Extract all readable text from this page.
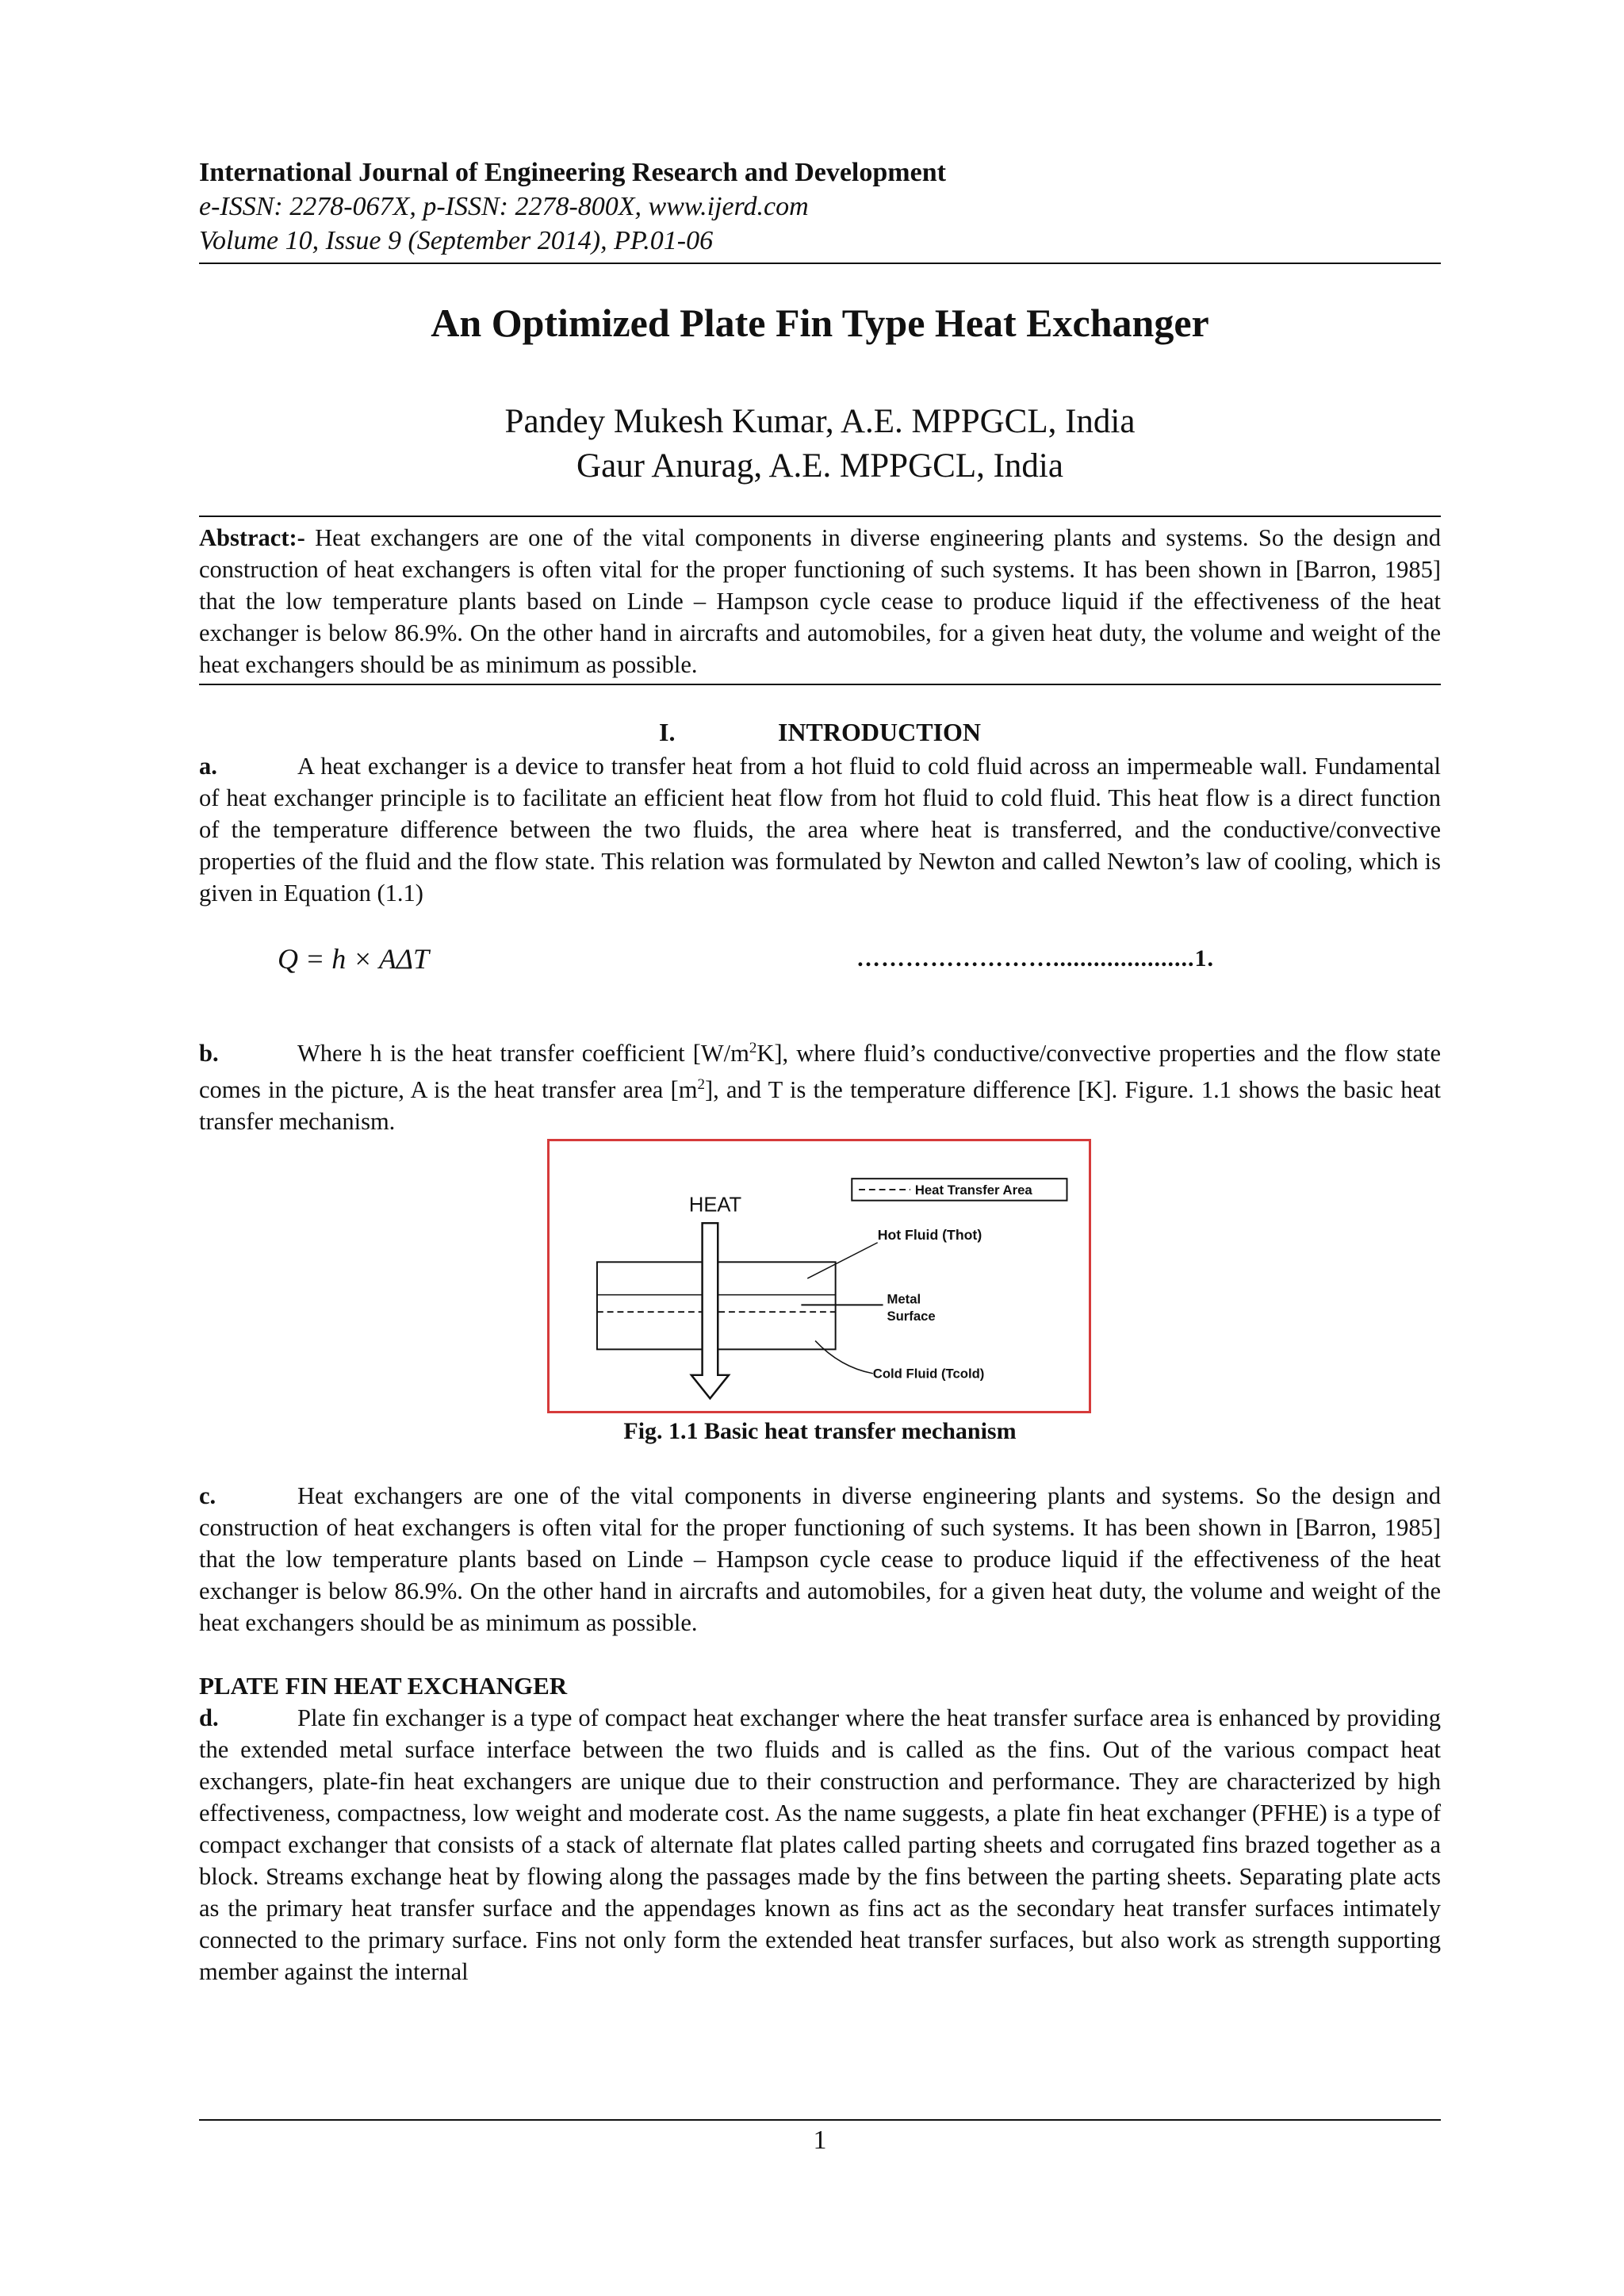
International Journal of Engineering Research and Development
e-ISSN: 2278-067X, p-ISSN: 2278-800X, www.ijerd.com
Volume 10, Issue 9 (September 2014), PP.01-06
An Optimized Plate Fin Type Heat Exchanger
Pandey Mukesh Kumar, A.E. MPPGCL, India
Gaur Anurag, A.E. MPPGCL, India

Abstract:- Heat exchangers are one of the vital components in diverse engineering plants and systems. So the design and construction of heat exchangers is often vital for the proper functioning of such systems. It has been shown in [Barron, 1985] that the low temperature plants based on Linde – Hampson cycle cease to produce liquid if the effectiveness of the heat exchanger is below 86.9%. On the other hand in aircrafts and automobiles, for a given heat duty, the volume and weight of the heat exchangers should be as minimum as possible.

I.	INTRODUCTION

a.	A heat exchanger is a device to transfer heat from a hot fluid to cold fluid across an impermeable wall. Fundamental of heat exchanger principle is to facilitate an efficient heat flow from hot fluid to cold fluid. This heat flow is a direct function of the temperature difference between the two fluids, the area where heat is transferred, and the conductive/convective properties of the fluid and the flow state. This relation was formulated by Newton and called Newton’s law of cooling, which is given in Equation (1.1)

Q = h × AΔT	…………………….....................1.

b.	Where h is the heat transfer coefficient $[W/m^2K]$, where fluid’s conductive/convective properties and the flow state comes in the picture, A is the heat transfer area $[m^2]$, and T is the temperature difference [K]. Figure. 1.1 shows the basic heat transfer mechanism.

Heat Transfer Area
HEAT
Hot Fluid (Thot)
Metal
Surface
Cold Fluid (Tcold)
Fig. 1.1 Basic heat transfer mechanism

c.	Heat exchangers are one of the vital components in diverse engineering plants and systems. So the design and construction of heat exchangers is often vital for the proper functioning of such systems. It has been shown in [Barron, 1985] that the low temperature plants based on Linde – Hampson cycle cease to produce liquid if the effectiveness of the heat exchanger is below 86.9%. On the other hand in aircrafts and automobiles, for a given heat duty, the volume and weight of the heat exchangers should be as minimum as possible.

PLATE FIN HEAT EXCHANGER

d.	Plate fin exchanger is a type of compact heat exchanger where the heat transfer surface area is enhanced by providing the extended metal surface interface between the two fluids and is called as the fins. Out of the various compact heat exchangers, plate-fin heat exchangers are unique due to their construction and performance. They are characterized by high effectiveness, compactness, low weight and moderate cost. As the name suggests, a plate fin heat exchanger (PFHE) is a type of compact exchanger that consists of a stack of alternate flat plates called parting sheets and corrugated fins brazed together as a block. Streams exchange heat by flowing along the passages made by the fins between the parting sheets. Separating plate acts as the primary heat transfer surface and the appendages known as fins act as the secondary heat transfer surfaces intimately connected to the primary surface. Fins not only form the extended heat transfer surfaces, but also work as strength supporting member against the internal

1
